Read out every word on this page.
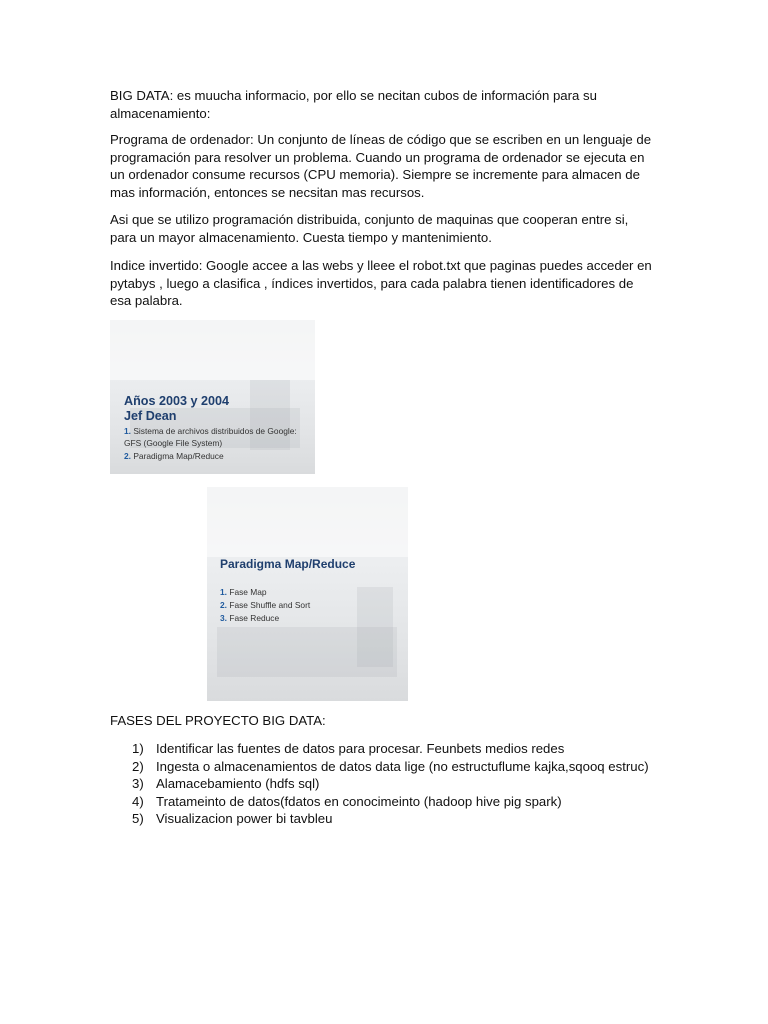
BIG DATA: es muucha informacio, por ello se necitan cubos de información para su almacenamiento:

Programa de ordenador: Un conjunto de líneas de código que se escriben en un lenguaje de programación para resolver un problema. Cuando un programa de ordenador se ejecuta en un ordenador consume recursos (CPU memoria). Siempre se incremente para almacen de mas información, entonces se necsitan mas recursos.

Asi que se utilizo programación distribuida, conjunto de maquinas que cooperan entre si, para un mayor almacenamiento. Cuesta tiempo y mantenimiento.

Indice invertido: Google accee a las webs y lleee el robot.txt que paginas puedes acceder en pytabys , luego a clasifica , índices invertidos, para cada palabra tienen identificadores de esa palabra.

Años 2003 y 2004
Jef Dean
1. Sistema de archivos distribuidos de Google:
GFS (Google File System)
2. Paradigma Map/Reduce
Paradigma Map/Reduce
1. Fase Map
2. Fase Shuffle and Sort
3. Fase Reduce

FASES DEL PROYECTO BIG DATA:

1) Identificar las fuentes de datos para procesar. Feunbets medios redes
2) Ingesta o almacenamientos de datos data lige (no estructuflume kajka,sqooq estruc)
3) Alamacebamiento (hdfs sql)
4) Tratameinto de datos(fdatos en conocimeinto (hadoop hive pig spark)
5) Visualizacion power bi tavbleu
